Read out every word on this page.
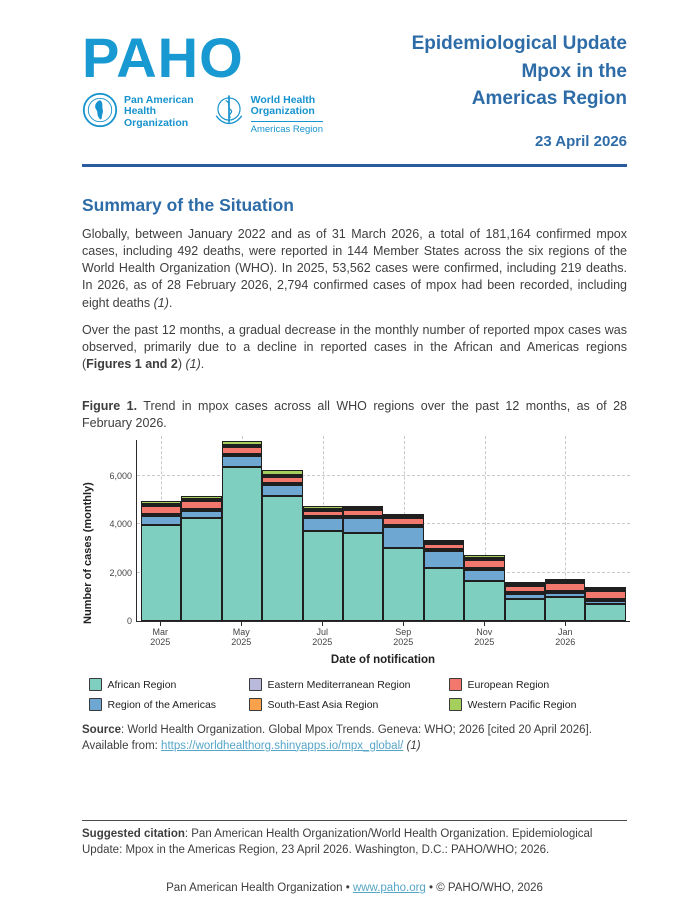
PAHO
Pan American
Health
Organization
World Health
Organization
Americas Region
Epidemiological Update
Mpox in the
Americas Region
23 April 2026
Summary of the Situation

Globally, between January 2022 and as of 31 March 2026, a total of 181,164 confirmed mpox cases, including 492 deaths, were reported in 144 Member States across the six regions of the World Health Organization (WHO). In 2025, 53,562 cases were confirmed, including 219 deaths. In 2026, as of 28 February 2026, 2,794 confirmed cases of mpox had been recorded, including eight deaths (1).

Over the past 12 months, a gradual decrease in the monthly number of reported mpox cases was observed, primarily due to a decline in reported cases in the African and Americas regions (Figures 1 and 2) (1).

Figure 1. Trend in mpox cases across all WHO regions over the past 12 months, as of 28 February 2026.

Number of cases (monthly)	0
2,000
4,000
6,000
Mar
2025
May
2025
Jul
2025
Sep
2025
Nov
2025
Jan
2026
Date of notification
African Region	Eastern Mediterranean Region	European Region
Region of the Americas	South-East Asia Region	Western Pacific Region

Source: World Health Organization. Global Mpox Trends. Geneva: WHO; 2026 [cited 20 April 2026]. Available from: https://worldhealthorg.shinyapps.io/mpx_global/ (1)

Suggested citation: Pan American Health Organization/World Health Organization. Epidemiological Update: Mpox in the Americas Region, 23 April 2026. Washington, D.C.: PAHO/WHO; 2026.

Pan American Health Organization • www.paho.org • © PAHO/WHO, 2026
